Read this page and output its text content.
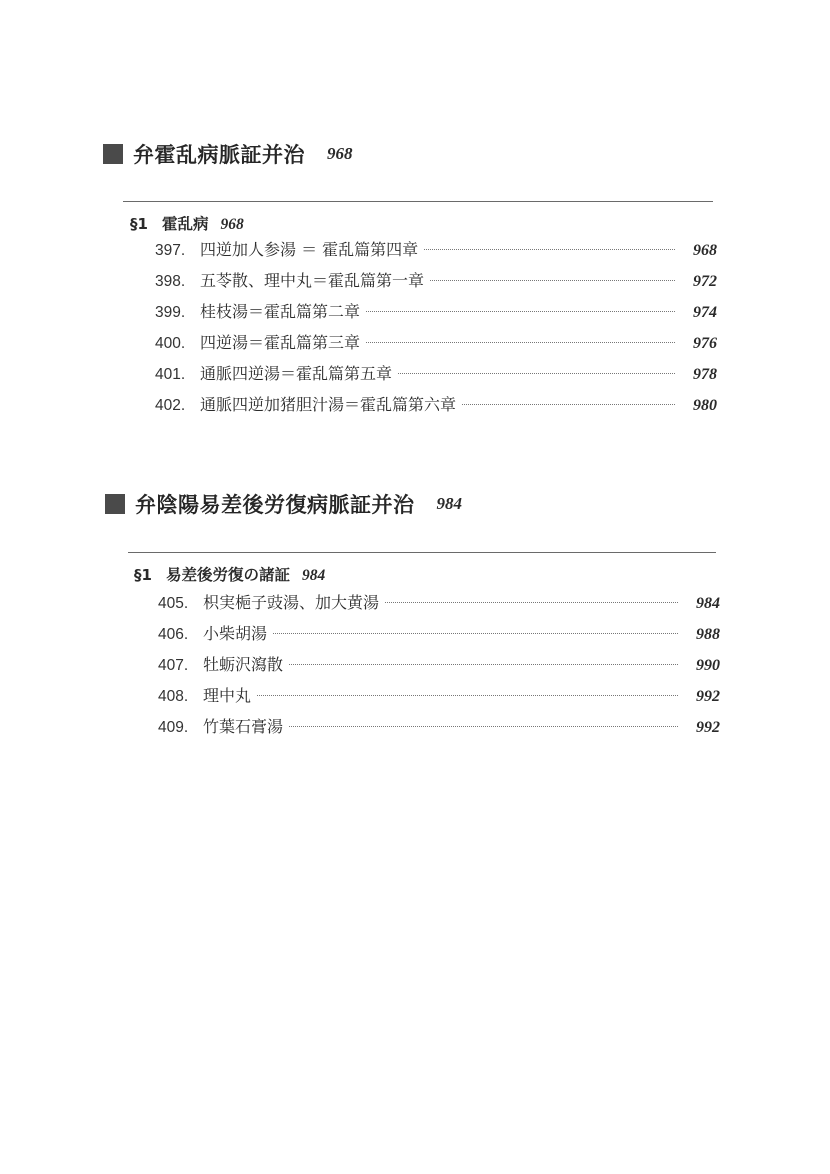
弁霍乱病脈証并治 968
§1 霍乱病 968
397. 四逆加人参湯 ＝ 霍乱篇第四章	968
398. 五苓散、理中丸＝霍乱篇第一章	972
399. 桂枝湯＝霍乱篇第二章	974
400. 四逆湯＝霍乱篇第三章	976
401. 通脈四逆湯＝霍乱篇第五章	978
402. 通脈四逆加猪胆汁湯＝霍乱篇第六章	980
弁陰陽易差後労復病脈証并治 984
§1 易差後労復の諸証 984
405. 枳実梔子豉湯、加大黄湯	984
406. 小柴胡湯	988
407. 牡蛎沢瀉散	990
408. 理中丸	992
409. 竹葉石膏湯	992
